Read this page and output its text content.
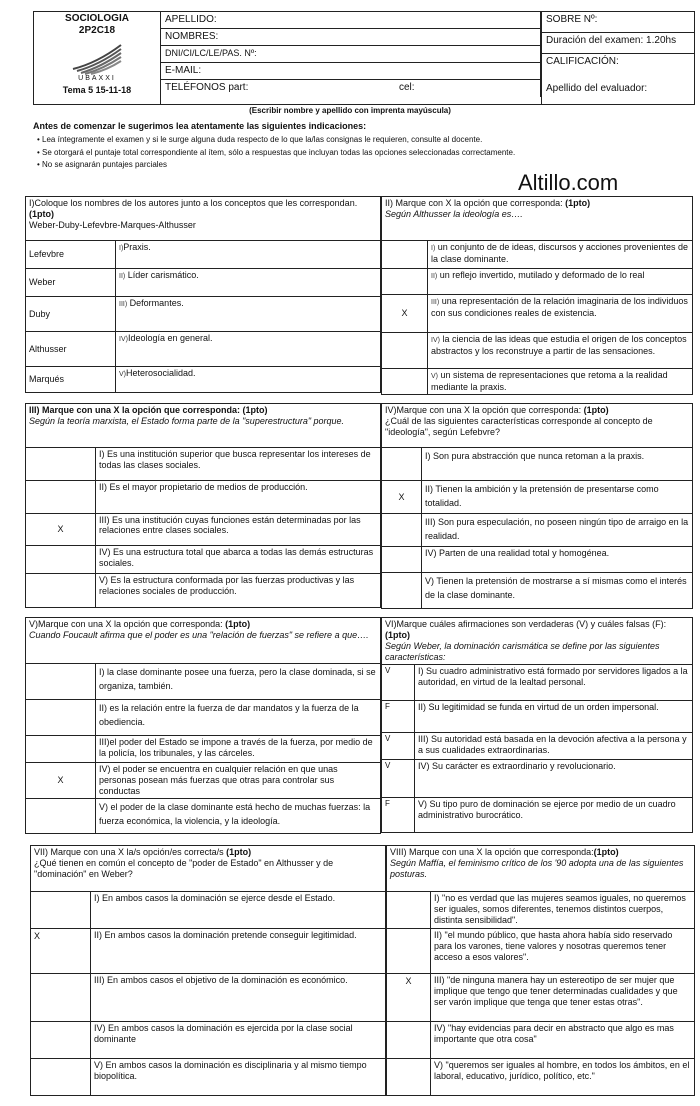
SOCIOLOGIA
2P2C18
UBAXXI
Tema 5 15-11-18
APELLIDO:
NOMBRES:
DNI/CI/LC/LE/PAS. Nº:
E-MAIL:
TELÉFONOS part:	cel:
SOBRE Nº:
Duración del examen: 1.20hs
CALIFICACIÓN:
Apellido del evaluador:
(Escribir nombre y apellido con imprenta mayúscula)
Antes de comenzar le sugerimos lea atentamente las siguientes indicaciones:
• Lea íntegramente el examen y si le surge alguna duda respecto de lo que la/las consignas le requieren, consulte al docente.
• Se otorgará el puntaje total correspondiente al ítem, sólo a respuestas que incluyan todas las opciones seleccionadas correctamente.
• No se asignarán puntajes parciales
Altillo.com
I)Coloque los nombres de los autores junto a los conceptos que les correspondan.(1pto)
Weber-Duby-Lefevbre-Marques-Althusser	
Lefevbre	I)Praxis.
Weber	II) Líder carismático.
Duby	III) Deformantes.
Althusser	IV)Ideología en general.
Marqués	V)Heterosocialidad.
II) Marque con X la opción que corresponda: (1pto)
Según Althusser la ideología es….	
	I) un conjunto de de ideas, discursos y acciones provenientes de la clase dominante.
	II) un reflejo invertido, mutilado y deformado de lo real
X	III) una representación de la relación imaginaria de los individuos con sus condiciones reales de existencia.
	IV) la ciencia de las ideas que estudia el origen de los conceptos abstractos y los reconstruye a partir de las sensaciones.
	V) un sistema de representaciones que retoma a la realidad mediante la praxis.
III) Marque con una X la opción que corresponda: (1pto)
Según la teoría marxista, el Estado forma parte de la "superestructura" porque.	
	I) Es una institución superior que busca representar los intereses de todas las clases sociales.
	II) Es el mayor propietario de medios de producción.
X	III) Es una institución cuyas funciones están determinadas por las relaciones entre clases sociales.
	IV) Es una estructura total que abarca a todas las demás estructuras sociales.
	V) Es la estructura conformada por las fuerzas productivas y las relaciones sociales de producción.
IV)Marque con una X la opción que corresponda: (1pto)
¿Cuál de las siguientes características corresponde al concepto de "ideología", según Lefebvre?	
	I) Son pura abstracción que nunca retoman a la praxis.
X	II) Tienen la ambición y la pretensión de presentarse como totalidad.
	III) Son pura especulación, no poseen ningún tipo de arraigo en la realidad.
	IV) Parten de una realidad total y homogénea.
	V) Tienen la pretensión de mostrarse a sí mismas como el interés de la clase dominante.
V)Marque con una X la opción que corresponda: (1pto)
Cuando Foucault afirma que el poder es una "relación de fuerzas" se refiere a que….	
	I) la clase dominante posee una fuerza, pero la clase dominada, si se organiza, también.
	II) es la relación entre la fuerza de dar mandatos y la fuerza de la obediencia.
	III)el poder del Estado se impone a través de la fuerza, por medio de la policía, los tribunales, y las cárceles.
X	IV) el poder se encuentra en cualquier relación en que unas personas posean más fuerzas que otras para controlar sus conductas
	V) el poder de la clase dominante está hecho de muchas fuerzas: la fuerza económica, la violencia, y la ideología.
VI)Marque cuáles afirmaciones son verdaderas (V) y cuáles falsas (F):(1pto)
Según Weber, la dominación carismática se define por las siguientes características:	
V	I) Su cuadro administrativo está formado por servidores ligados a la autoridad, en virtud de la lealtad personal.
F	II) Su legitimidad se funda en virtud de un orden impersonal.
V	III) Su autoridad está basada en la devoción afectiva a la persona y a sus cualidades extraordinarias.
V	IV) Su carácter es extraordinario y revolucionario.
F	V) Su tipo puro de dominación se ejerce por medio de un cuadro administrativo burocrático.
VII) Marque con una X la/s opción/es correcta/s (1pto)
¿Qué tienen en común el concepto de "poder de Estado" en Althusser y de "dominación" en Weber?	
	I) En ambos casos la dominación se ejerce desde el Estado.
X	II) En ambos casos la dominación pretende conseguir legitimidad.
	III) En ambos casos el objetivo de la dominación es económico.
	IV) En ambos casos la dominación es ejercida por la clase social dominante
	V) En ambos casos la dominación es disciplinaria y al mismo tiempo biopolítica.
VIII) Marque con una X la opción que corresponda:(1pto)
Según Maffía, el feminismo crítico de los '90 adopta una de las siguientes posturas.	
	I) "no es verdad que las mujeres seamos iguales, no queremos ser iguales, somos diferentes, tenemos distintos cuerpos, distinta sensibilidad".
	II) "el mundo público, que hasta ahora había sido reservado para los varones, tiene valores y nosotras queremos tener acceso a esos valores".
X	III) "de ninguna manera hay un estereotipo de ser mujer que implique que tengo que tener determinadas cualidades y que ser varón implique que tenga que tener estas otras".
	IV) "hay evidencias para decir en abstracto que algo es mas importante que otra cosa"
	V) "queremos ser iguales al hombre, en todos los ámbitos, en el laboral, educativo, jurídico, político, etc."
